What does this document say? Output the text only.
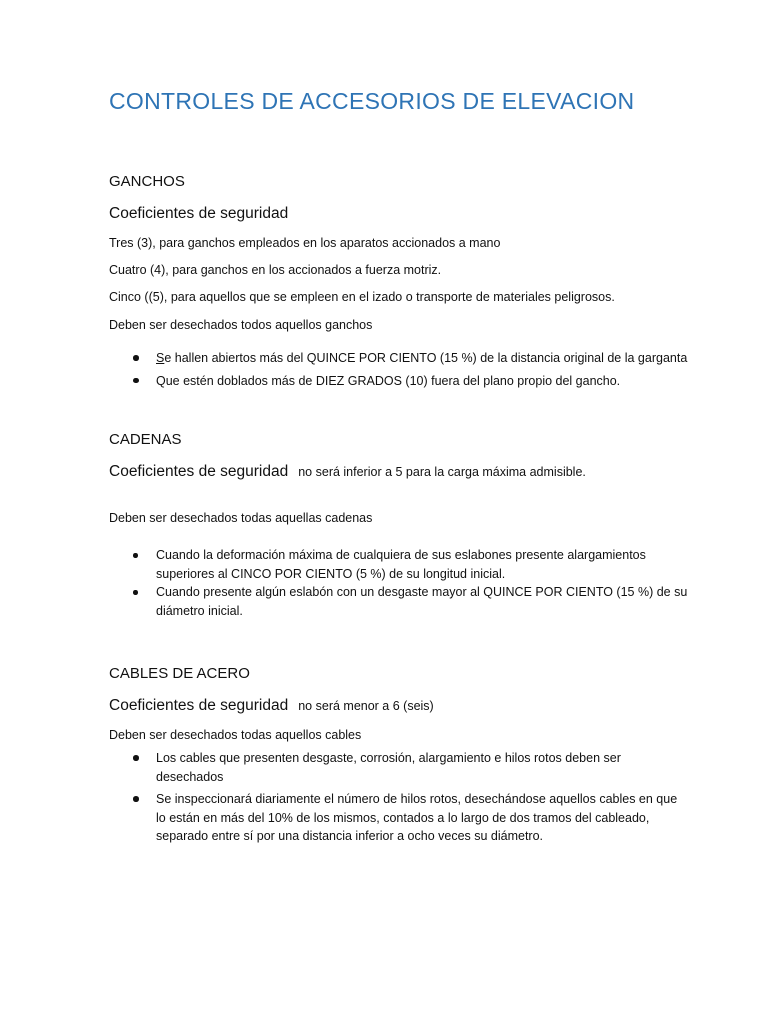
CONTROLES DE ACCESORIOS DE ELEVACION
GANCHOS
Coeficientes de seguridad
Tres (3), para ganchos empleados en los aparatos accionados a mano
Cuatro (4), para ganchos en los accionados a fuerza motriz.
Cinco ((5), para aquellos que se empleen en el izado o transporte de materiales peligrosos.
Deben ser desechados todos aquellos ganchos
Se hallen abiertos más del QUINCE POR CIENTO (15 %) de la distancia original de la garganta
Que estén doblados más de DIEZ GRADOS (10) fuera del plano propio del gancho.
CADENAS
Coeficientes de seguridad no será inferior a 5 para la carga máxima admisible.
Deben ser desechados todas aquellas cadenas
Cuando la deformación máxima de cualquiera de sus eslabones presente alargamientos
superiores al CINCO POR CIENTO (5 %) de su longitud inicial.
Cuando presente algún eslabón con un desgaste mayor al QUINCE POR CIENTO (15 %) de su
diámetro inicial.
CABLES DE ACERO
Coeficientes de seguridad no será menor a 6 (seis)
Deben ser desechados todas aquellos cables
Los cables que presenten desgaste, corrosión, alargamiento e hilos rotos deben ser
desechados
Se inspeccionará diariamente el número de hilos rotos, desechándose aquellos cables en que
lo están en más del 10% de los mismos, contados a lo largo de dos tramos del cableado,
separado entre sí por una distancia inferior a ocho veces su diámetro.
